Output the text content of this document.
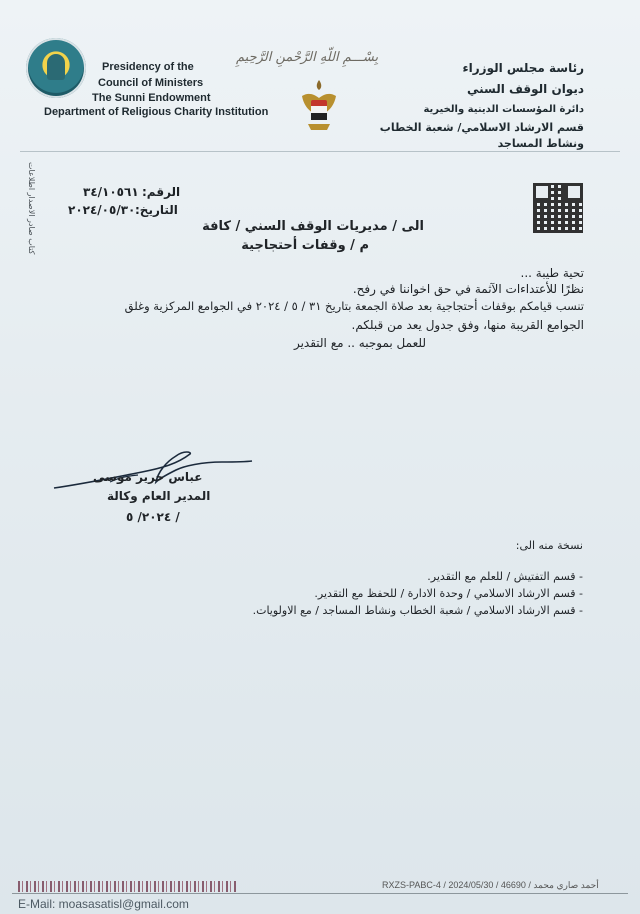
Presidency of the
Council of Ministers
The Sunni Endowment
Department of Religious Charity Institution
بِسْـــمِ اللّهِ الرَّحْمنِ الرَّحِيمِ
رئاسة مجلس الوزراء
ديوان الوقف السني
دائرة المؤسسات الدينية والخيرية
قسم الارشاد الاسلامي/ شعبة الخطاب
ونشاط المساجد
كتاب صادر الاصدار اطلاعات	الرقم:
٣٤/١٠٥٦١
التاريخ:
٢٠٢٤/٠٥/٣٠
الى / مديريات الوقف السني / كافة
م / وقفات أحتجاجية
تحية طيبة ...
نظرًا للأعتداءات الآثمة في حق اخواننا في رفح.
تنسب قيامكم بوقفات أحتجاجية بعد صلاة الجمعة بتاريخ ٣١ / ٥ / ٢٠٢٤ في الجوامع المركزية وغلق
الجوامع القريبة منها، وفق جدول يعد من قبلكم.
للعمل بموجبه .. مع التقدير
عباس حرير موسى
المدير العام وكالة
٢٠٢٤/ ٥ /
نسخة منه الى:
- قسم التفتيش / للعلم مع التقدير.
- قسم الارشاد الاسلامي / وحدة الادارة / للحفظ مع التقدير.
- قسم الارشاد الاسلامي / شعبة الخطاب ونشاط المساجد / مع الاولويات.
RXZS-PABC-4 / 2024/05/30 / أحمد صاري محمد / 46690
E-Mail: moasasatisl@gmail.com
